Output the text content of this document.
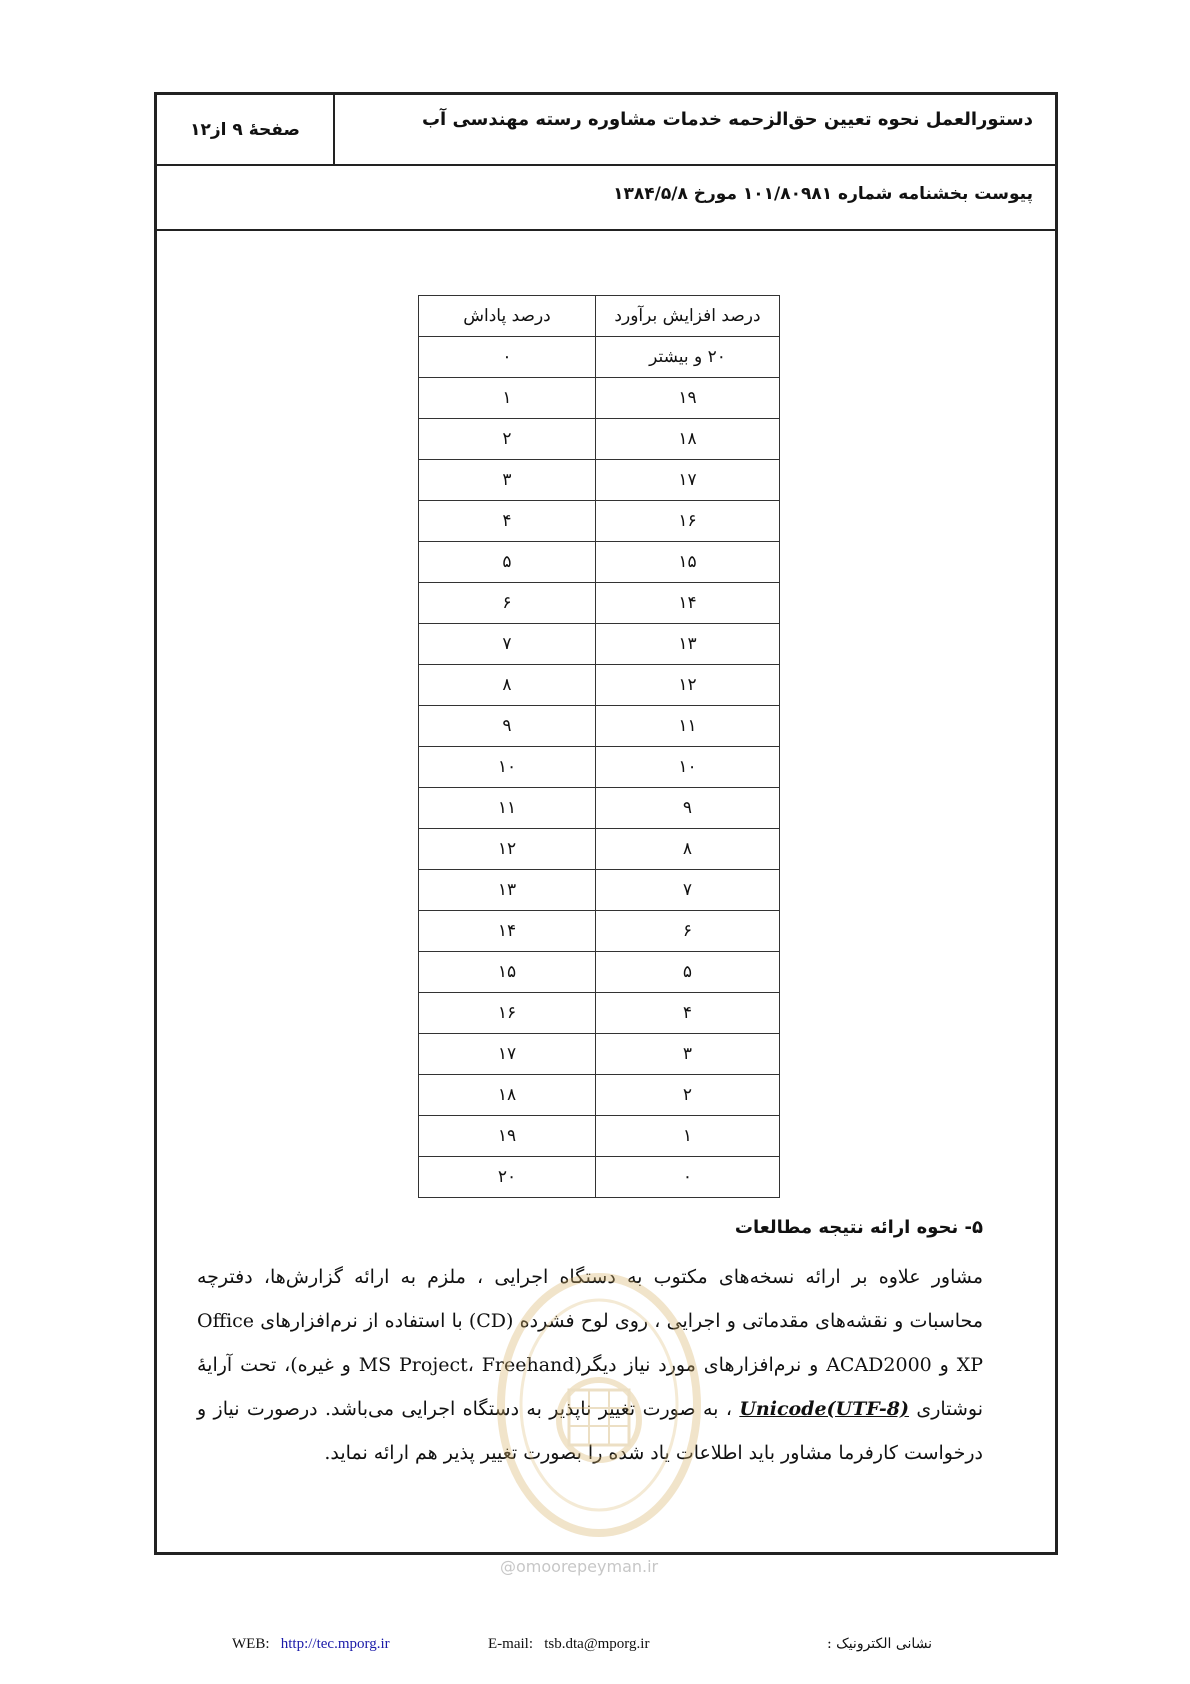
صفحهٔ ۹ از۱۲	دستورالعمل نحوه تعیین حق‌الزحمه خدمات مشاوره رسته مهندسی آب
پیوست بخشنامه شماره ۱۰۱/۸۰۹۸۱ مورخ ۱۳۸۴/۵/۸
درصد پاداش	درصد افزایش برآورد
۰	۲۰ و بیشتر
۱	۱۹
۲	۱۸
۳	۱۷
۴	۱۶
۵	۱۵
۶	۱۴
۷	۱۳
۸	۱۲
۹	۱۱
۱۰	۱۰
۱۱	۹
۱۲	۸
۱۳	۷
۱۴	۶
۱۵	۵
۱۶	۴
۱۷	۳
۱۸	۲
۱۹	۱
۲۰	۰
۵- نحوه ارائه نتیجه مطالعات
مشاور علاوه بر ارائه نسخه‌های مکتوب به دستگاه اجرایی ، ملزم به ارائه گزارش‌ها، دفترچه محاسبات و نقشه‌های مقدماتی و اجرایی ، روی لوح فشرده (CD) با استفاده از نرم‌افزارهای Office XP و ACAD2000 و نرم‌افزارهای مورد نیاز دیگر(MS Project، Freehand و غیره)، تحت آرایهٔ نوشتاری Unicode(UTF-8) ، به صورت تغییر ناپذیر به دستگاه اجرایی می‌باشد. درصورت نیاز و درخواست کارفرما مشاور باید اطلاعات یاد شده را بصورت تغییر پذیر هم ارائه نماید.
@omoorepeyman.ir
WEB: http://tec.mporg.ir	E-mail: tsb.dta@mporg.ir	نشانی الکترونیک :
